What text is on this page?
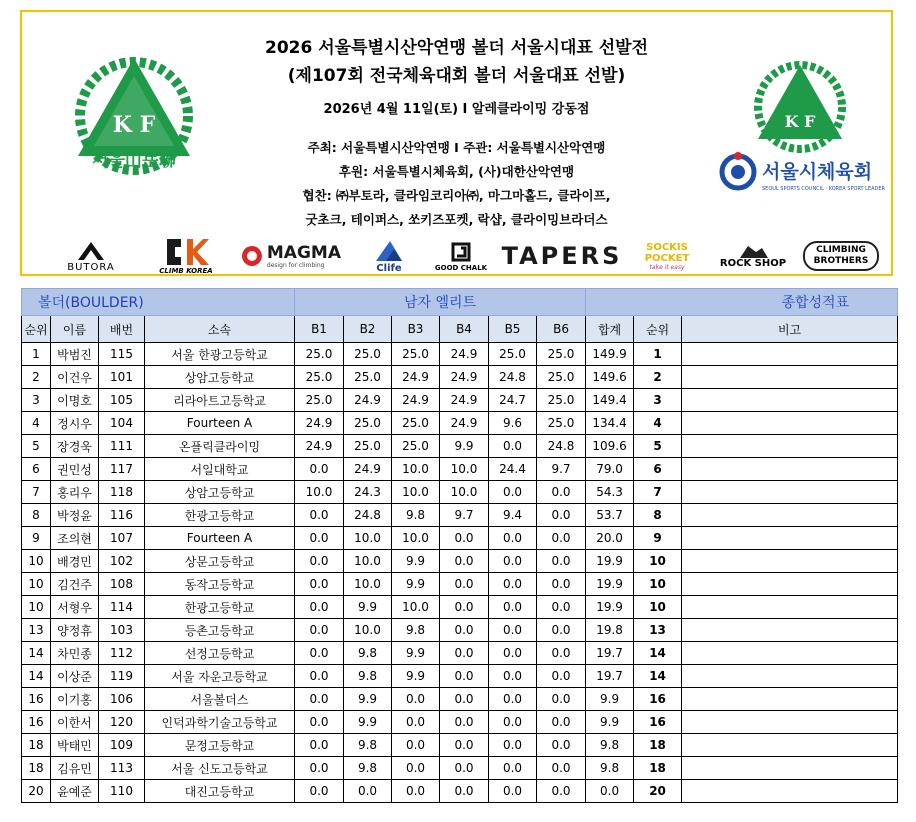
K F
서울山岳聯
2026 서울특별시산악연맹 볼더 서울시대표 선발전
(제107회 전국체육대회 볼더 서울대표 선발)
2026년 4월 11일(토) I 알레클라이밍 강동점
주최: 서울특별시산악연맹 I 주관: 서울특별시산악연맹
후원: 서울특별시체육회, (사)대한산악연맹
협찬: ㈜부토라, 클라임코리아㈜, 마그마홀드, 클라이프,
굿초크, 테이퍼스, 쏘키즈포켓, 락샵, 클라이밍브라더스
K F
서울시체육회
SEOUL SPORTS COUNCIL · KOREA SPORT LEADER
BUTORA	CLIMB KOREA
MAGMA
design for climbing	Clife	GOOD CHALK TAPERS	SOCKIS POCKET
take it easy	ROCK SHOP
CLIMBING BROTHERS
볼더(BOULDER)				남자 엘리트						종합성적표		
순위	이름	배번	소속	B1	B2	B3	B4	B5	B6	합계	순위	비고
1	박범진	115	서울 한광고등학교	25.0	25.0	25.0	24.9	25.0	25.0	149.9	1	
2	이건우	101	상암고등학교	25.0	25.0	24.9	24.9	24.8	25.0	149.6	2	
3	이명호	105	리라아트고등학교	25.0	24.9	24.9	24.9	24.7	25.0	149.4	3	
4	정시우	104	Fourteen A	24.9	25.0	25.0	24.9	9.6	25.0	134.4	4	
5	장경욱	111	온플릭클라이밍	24.9	25.0	25.0	9.9	0.0	24.8	109.6	5	
6	권민성	117	서일대학교	0.0	24.9	10.0	10.0	24.4	9.7	79.0	6	
7	홍리우	118	상암고등학교	10.0	24.3	10.0	10.0	0.0	0.0	54.3	7	
8	박정윤	116	한광고등학교	0.0	24.8	9.8	9.7	9.4	0.0	53.7	8	
9	조의현	107	Fourteen A	0.0	10.0	10.0	0.0	0.0	0.0	20.0	9	
10	배경민	102	상문고등학교	0.0	10.0	9.9	0.0	0.0	0.0	19.9	10	
10	김건주	108	동작고등학교	0.0	10.0	9.9	0.0	0.0	0.0	19.9	10	
10	서형우	114	한광고등학교	0.0	9.9	10.0	0.0	0.0	0.0	19.9	10	
13	양정휴	103	등촌고등학교	0.0	10.0	9.8	0.0	0.0	0.0	19.8	13	
14	차민종	112	선정고등학교	0.0	9.8	9.9	0.0	0.0	0.0	19.7	14	
14	이상준	119	서울 자운고등학교	0.0	9.8	9.9	0.0	0.0	0.0	19.7	14	
16	이기홍	106	서울볼더스	0.0	9.9	0.0	0.0	0.0	0.0	9.9	16	
16	이한서	120	인덕과학기술고등학교	0.0	9.9	0.0	0.0	0.0	0.0	9.9	16	
18	박태민	109	문정고등학교	0.0	9.8	0.0	0.0	0.0	0.0	9.8	18	
18	김유민	113	서울 신도고등학교	0.0	9.8	0.0	0.0	0.0	0.0	9.8	18	
20	윤예준	110	대진고등학교	0.0	0.0	0.0	0.0	0.0	0.0	0.0	20	
